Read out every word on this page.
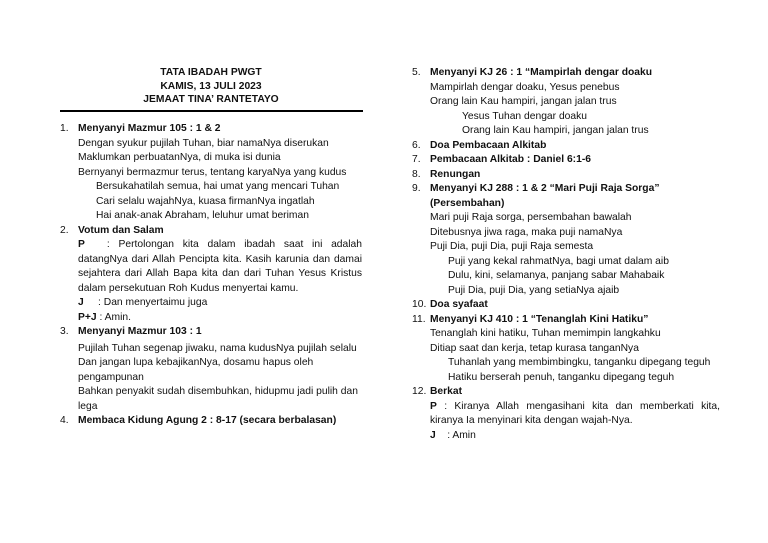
TATA IBADAH PWGT
KAMIS, 13 JULI 2023
JEMAAT TINA’ RANTETAYO
1. Menyanyi Mazmur 105 : 1 & 2
Dengan syukur pujilah Tuhan, biar namaNya diserukan
Maklumkan perbuatanNya, di muka isi dunia
Bernyanyi bermazmur terus, tentang karyaNya yang kudus
Bersukahatilah semua, hai umat yang mencari Tuhan
Cari selalu wajahNya, kuasa firmanNya ingatlah
Hai anak-anak Abraham, leluhur umat beriman
2. Votum dan Salam
P : Pertolongan kita dalam ibadah saat ini adalah datangNya dari Allah Pencipta kita. Kasih karunia dan damai sejahtera dari Allah Bapa kita dan dari Tuhan Yesus Kristus dalam persekutuan Roh Kudus menyertai kamu.
J : Dan menyertaimu juga
P+J : Amin.
3. Menyanyi Mazmur 103 : 1
Pujilah Tuhan segenap jiwaku, nama kudusNya pujilah selalu
Dan jangan lupa kebajikanNya, dosamu hapus oleh pengampunan
Bahkan penyakit sudah disembuhkan, hidupmu jadi pulih dan lega
4. Membaca Kidung Agung 2 : 8-17 (secara berbalasan)
5. Menyanyi KJ 26 : 1 “Mampirlah dengar doaku
Mampirlah dengar doaku, Yesus penebus
Orang lain Kau hampiri, jangan jalan trus
Yesus Tuhan dengar doaku
Orang lain Kau hampiri, jangan jalan trus
6. Doa Pembacaan Alkitab
7. Pembacaan Alkitab : Daniel 6:1-6
8. Renungan
9. Menyanyi KJ 288 : 1 & 2 “Mari Puji Raja Sorga” (Persembahan)
Mari puji Raja sorga, persembahan bawalah
Ditebusnya jiwa raga, maka puji namaNya
Puji Dia, puji Dia, puji Raja semesta
Puji yang kekal rahmatNya, bagi umat dalam aib
Dulu, kini, selamanya, panjang sabar Mahabaik
Puji Dia, puji Dia, yang setiaNya ajaib
10. Doa syafaat
11. Menyanyi KJ 410 : 1 “Tenanglah Kini Hatiku”
Tenanglah kini hatiku, Tuhan memimpin langkahku
Ditiap saat dan kerja, tetap kurasa tanganNya
Tuhanlah yang membimbingku, tanganku dipegang teguh
Hatiku berserah penuh, tanganku dipegang teguh
12. Berkat
P : Kiranya Allah mengasihani kita dan memberkati kita, kiranya Ia menyinari kita dengan wajah-Nya.
J : Amin
